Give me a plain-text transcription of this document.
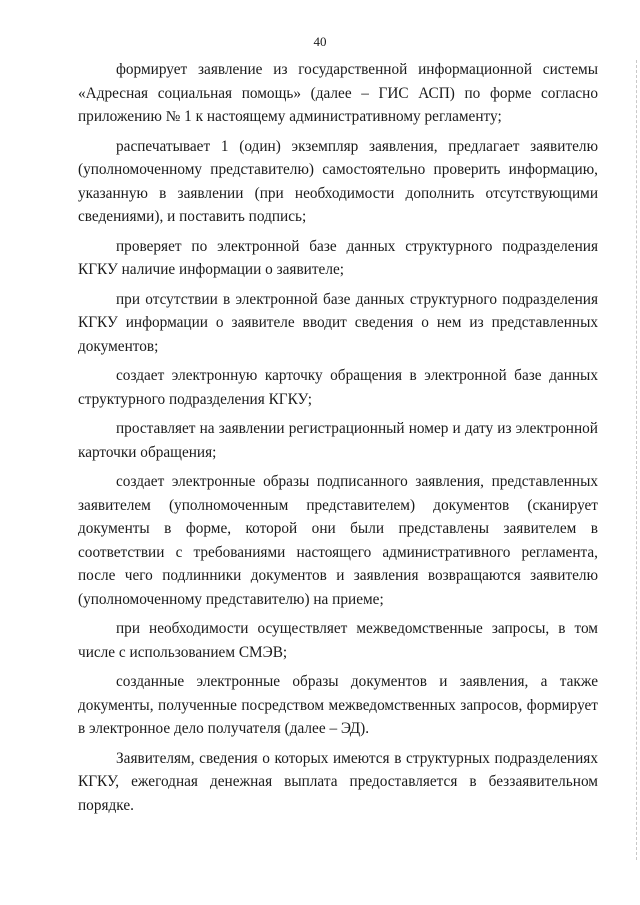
40

формирует заявление из государственной информационной системы «Адресная социальная помощь» (далее – ГИС АСП) по форме согласно приложению № 1 к настоящему административному регламенту;

распечатывает 1 (один) экземпляр заявления, предлагает заявителю (уполномоченному представителю) самостоятельно проверить информацию, указанную в заявлении (при необходимости дополнить отсутствующими сведениями), и поставить подпись;

проверяет по электронной базе данных структурного подразделения КГКУ наличие информации о заявителе;

при отсутствии в электронной базе данных структурного подразделения КГКУ информации о заявителе вводит сведения о нем из представленных документов;

создает электронную карточку обращения в электронной базе данных структурного подразделения КГКУ;

проставляет на заявлении регистрационный номер и дату из электронной карточки обращения;

создает электронные образы подписанного заявления, представленных заявителем (уполномоченным представителем) документов (сканирует документы в форме, которой они были представлены заявителем в соответствии с требованиями настоящего административного регламента, после чего подлинники документов и заявления возвращаются заявителю (уполномоченному представителю) на приеме;

при необходимости осуществляет межведомственные запросы, в том числе с использованием СМЭВ;

созданные электронные образы документов и заявления, а также документы, полученные посредством межведомственных запросов, формирует в электронное дело получателя (далее – ЭД).

Заявителям, сведения о которых имеются в структурных подразделениях КГКУ, ежегодная денежная выплата предоставляется в беззаявительном порядке.
